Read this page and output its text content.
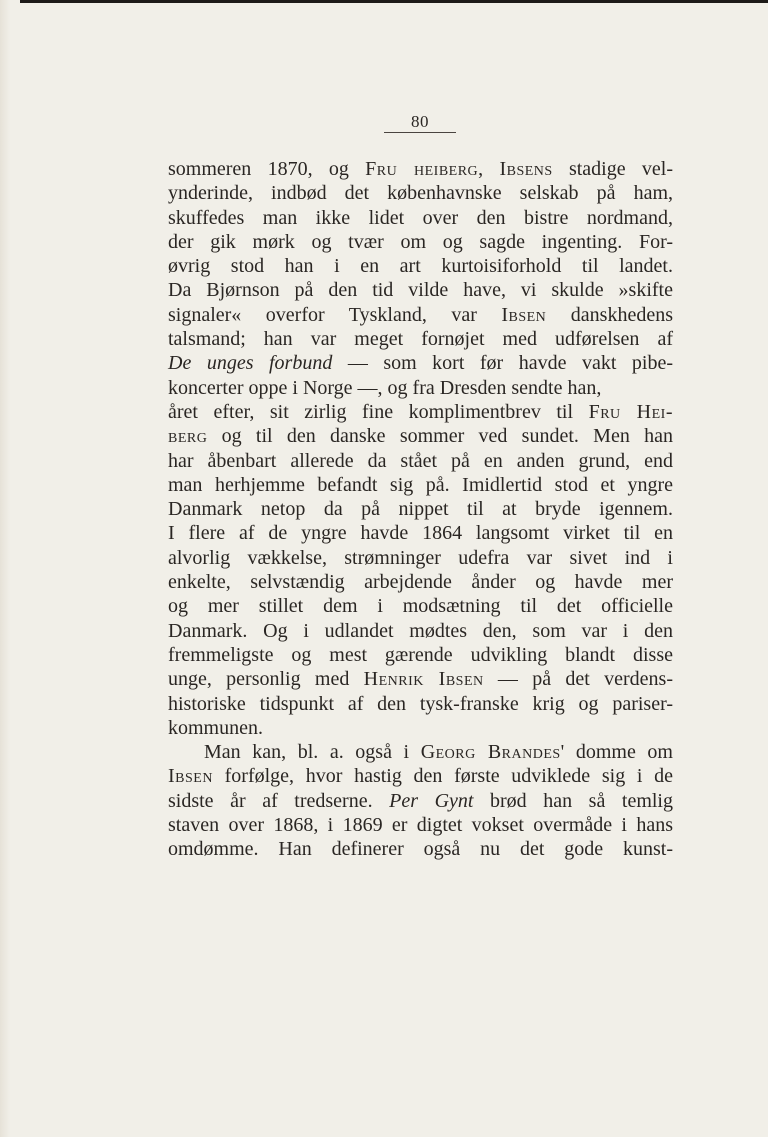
80
sommeren 1870, og Fru heiberg, Ibsens stadige vel-
ynderinde, indbød det københavnske selskab på ham,
skuffedes man ikke lidet over den bistre nordmand,
der gik mørk og tvær om og sagde ingenting. For-
øvrig stod han i en art kurtoisiforhold til landet.
Da Bjørnson på den tid vilde have, vi skulde »skifte
signaler« overfor Tyskland, var Ibsen danskhedens
talsmand; han var meget fornøjet med udførelsen af
De unges forbund — som kort før havde vakt pibe-
koncerter oppe i Norge —, og fra Dresden sendte han,
året efter, sit zirlig fine komplimentbrev til Fru Hei-
berg og til den danske sommer ved sundet. Men han
har åbenbart allerede da stået på en anden grund, end
man herhjemme befandt sig på. Imidlertid stod et yngre
Danmark netop da på nippet til at bryde igennem.
I flere af de yngre havde 1864 langsomt virket til en
alvorlig vækkelse, strømninger udefra var sivet ind i
enkelte, selvstændig arbejdende ånder og havde mer
og mer stillet dem i modsætning til det officielle
Danmark. Og i udlandet mødtes den, som var i den
fremmeligste og mest gærende udvikling blandt disse
unge, personlig med Henrik Ibsen — på det verdens-
historiske tidspunkt af den tysk-franske krig og pariser-
kommunen.
Man kan, bl. a. også i Georg Brandes' domme om
Ibsen forfølge, hvor hastig den første udviklede sig i de
sidste år af tredserne. Per Gynt brød han så temlig
staven over 1868, i 1869 er digtet vokset overmåde i hans
omdømme. Han definerer også nu det gode kunst-
